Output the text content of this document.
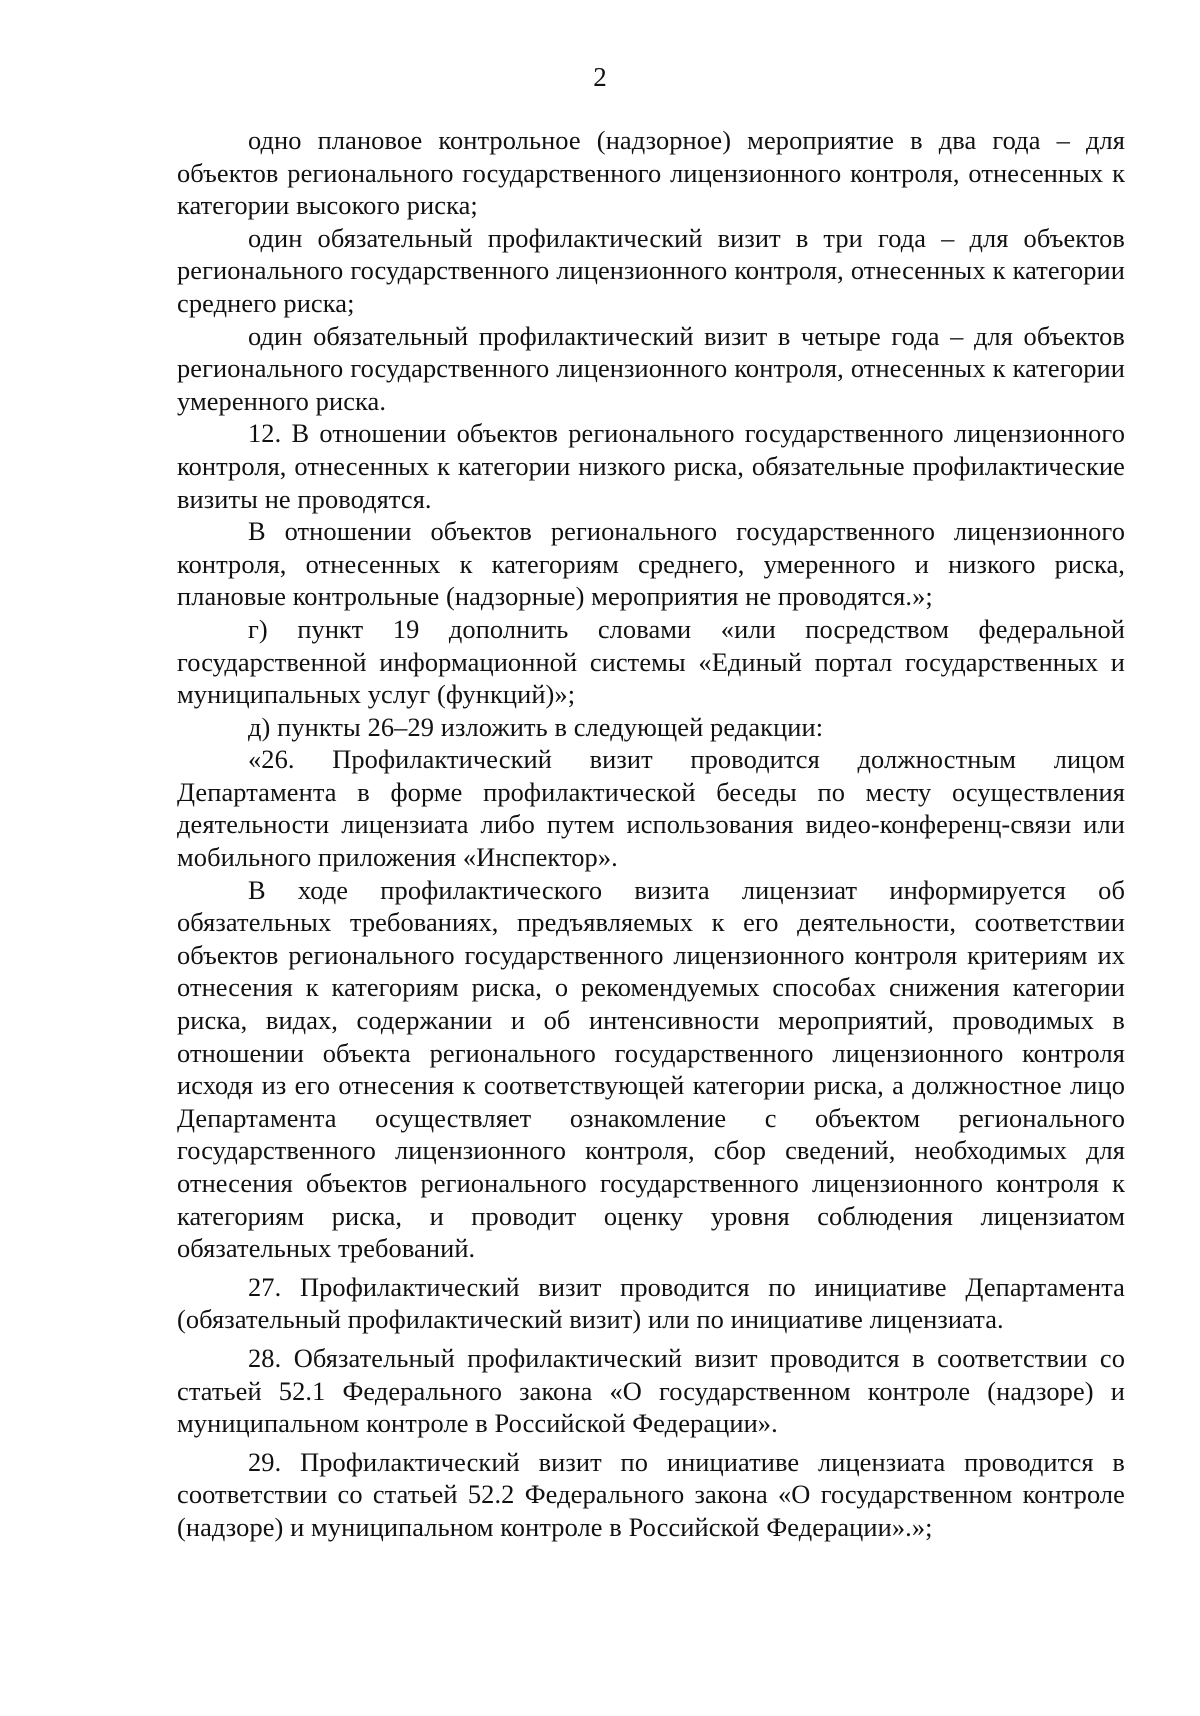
2

одно плановое контрольное (надзорное) мероприятие в два года – для объектов регионального государственного лицензионного контроля, отнесенных к категории высокого риска;

один обязательный профилактический визит в три года – для объектов регионального государственного лицензионного контроля, отнесенных к категории среднего риска;

один обязательный профилактический визит в четыре года – для объектов регионального государственного лицензионного контроля, отнесенных к категории умеренного риска.

12. В отношении объектов регионального государственного лицензионного контроля, отнесенных к категории низкого риска, обязательные профилактические визиты не проводятся.

В отношении объектов регионального государственного лицензионного контроля, отнесенных к категориям среднего, умеренного и низкого риска, плановые контрольные (надзорные) мероприятия не проводятся.»;

г) пункт 19 дополнить словами «или посредством федеральной государственной информационной системы «Единый портал государственных и муниципальных услуг (функций)»;

д) пункты 26–29 изложить в следующей редакции:

«26. Профилактический визит проводится должностным лицом Департамента в форме профилактической беседы по месту осуществления деятельности лицензиата либо путем использования видео-конференц-связи или мобильного приложения «Инспектор».

В ходе профилактического визита лицензиат информируется об обязательных требованиях, предъявляемых к его деятельности, соответствии объектов регионального государственного лицензионного контроля критериям их отнесения к категориям риска, о рекомендуемых способах снижения категории риска, видах, содержании и об интенсивности мероприятий, проводимых в отношении объекта регионального государственного лицензионного контроля исходя из его отнесения к соответствующей категории риска, а должностное лицо Департамента осуществляет ознакомление с объектом регионального государственного лицензионного контроля, сбор сведений, необходимых для отнесения объектов регионального государственного лицензионного контроля к категориям риска, и проводит оценку уровня соблюдения лицензиатом обязательных требований.

27. Профилактический визит проводится по инициативе Департамента (обязательный профилактический визит) или по инициативе лицензиата.

28. Обязательный профилактический визит проводится в соответствии со статьей 52.1 Федерального закона «О государственном контроле (надзоре) и муниципальном контроле в Российской Федерации».

29. Профилактический визит по инициативе лицензиата проводится в соответствии со статьей 52.2 Федерального закона «О государственном контроле (надзоре) и муниципальном контроле в Российской Федерации».»;
